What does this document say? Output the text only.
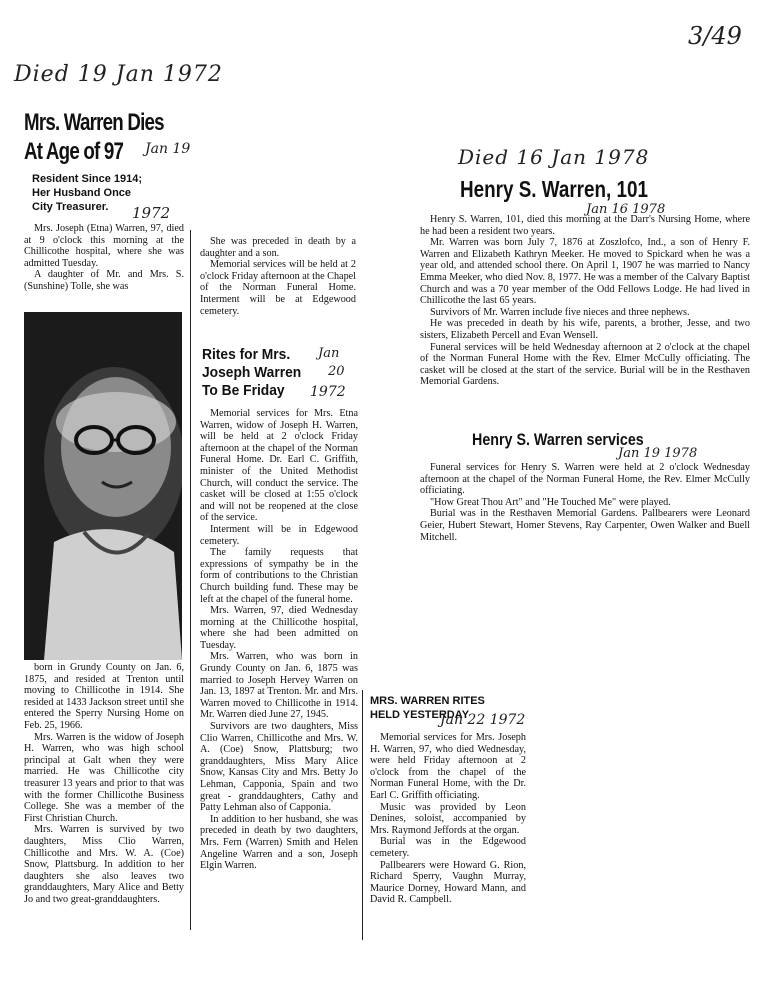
3/49
Died 19 Jan 1972
Mrs. Warren Dies
At Age of 97	Jan 19
Resident Since 1914;
Her Husband Once
City Treasurer.	1972

Mrs. Joseph (Etna) Warren, 97, died at 9 o'clock this morning at the Chillicothe hospital, where she was admitted Tuesday.

A daughter of Mr. and Mrs. S. (Sunshine) Tolle, she was

born in Grundy County on Jan. 6, 1875, and resided at Trenton until moving to Chillicothe in 1914. She resided at 1433 Jackson street until she entered the Sperry Nursing Home on Feb. 25, 1966.

Mrs. Warren is the widow of Joseph H. Warren, who was high school principal at Galt when they were married. He was Chillicothe city treasurer 13 years and prior to that was with the former Chillicothe Business College. She was a member of the First Christian Church.

Mrs. Warren is survived by two daughters, Miss Clio Warren, Chillicothe and Mrs. W. A. (Coe) Snow, Plattsburg. In addition to her daughters she also leaves two granddaughters, Mary Alice and Betty Jo and two great-granddaughters.

She was preceded in death by a daughter and a son.

Memorial services will be held at 2 o'clock Friday afternoon at the Chapel of the Norman Funeral Home. Interment will be at Edgewood cemetery.

Rites for Mrs.
Joseph Warren
To Be Friday
Jan
20
1972

Memorial services for Mrs. Etna Warren, widow of Joseph H. Warren, will be held at 2 o'clock Friday afternoon at the chapel of the Norman Funeral Home. Dr. Earl C. Griffith, minister of the United Methodist Church, will conduct the service. The casket will be closed at 1:55 o'clock and will not be reopened at the close of the service.

Interment will be in Edgewood cemetery.

The family requests that expressions of sympathy be in the form of contributions to the Christian Church building fund. These may be left at the chapel of the funeral home.

Mrs. Warren, 97, died Wednesday morning at the Chillicothe hospital, where she had been admitted on Tuesday.

Mrs. Warren, who was born in Grundy County on Jan. 6, 1875 was married to Joseph Hervey Warren on Jan. 13, 1897 at Trenton. Mr. and Mrs. Warren moved to Chillicothe in 1914. Mr. Warren died June 27, 1945.

Survivors are two daughters, Miss Clio Warren, Chillicothe and Mrs. W. A. (Coe) Snow, Plattsburg; two granddaughters, Miss Mary Alice Snow, Kansas City and Mrs. Betty Jo Lehman, Capponia, Spain and two great - granddaughters, Cathy and Patty Lehman also of Capponia.

In addition to her husband, she was preceded in death by two daughters, Mrs. Fern (Warren) Smith and Helen Angeline Warren and a son, Joseph Elgin Warren.

MRS. WARREN RITES
HELD YESTERDAY
Jan 22 1972

Memorial services for Mrs. Joseph H. Warren, 97, who died Wednesday, were held Friday afternoon at 2 o'clock from the chapel of the Norman Funeral Home, with the Dr. Earl C. Griffith officiating.

Music was provided by Leon Denines, soloist, accompanied by Mrs. Raymond Jeffords at the organ.

Burial was in the Edgewood cemetery.

Pallbearers were Howard G. Rion, Richard Sperry, Vaughn Murray, Maurice Dorney, Howard Mann, and David R. Campbell.

Died 16 Jan 1978
Henry S. Warren, 101
Jan 16 1978

Henry S. Warren, 101, died this morning at the Darr's Nursing Home, where he had been a resident two years.

Mr. Warren was born July 7, 1876 at Zoszlofco, Ind., a son of Henry F. Warren and Elizabeth Kathryn Meeker. He moved to Spickard when he was a year old, and attended school there. On April 1, 1907 he was married to Nancy Emma Meeker, who died Nov. 8, 1977. He was a member of the Calvary Baptist Church and was a 70 year member of the Odd Fellows Lodge. He had lived in Chillicothe the last 65 years.

Survivors of Mr. Warren include five nieces and three nephews.

He was preceded in death by his wife, parents, a brother, Jesse, and two sisters, Elizabeth Percell and Evan Wensell.

Funeral services will be held Wednesday afternoon at 2 o'clock at the chapel of the Norman Funeral Home with the Rev. Elmer McCully officiating. The casket will be closed at the start of the service. Burial will be in the Resthaven Memorial Gardens.

Henry S. Warren services
Jan 19 1978

Funeral services for Henry S. Warren were held at 2 o'clock Wednesday afternoon at the chapel of the Norman Funeral Home, the Rev. Elmer McCully officiating.

"How Great Thou Art" and "He Touched Me" were played.

Burial was in the Resthaven Memorial Gardens. Pallbearers were Leonard Geier, Hubert Stewart, Homer Stevens, Ray Carpenter, Owen Walker and Buell Mitchell.
